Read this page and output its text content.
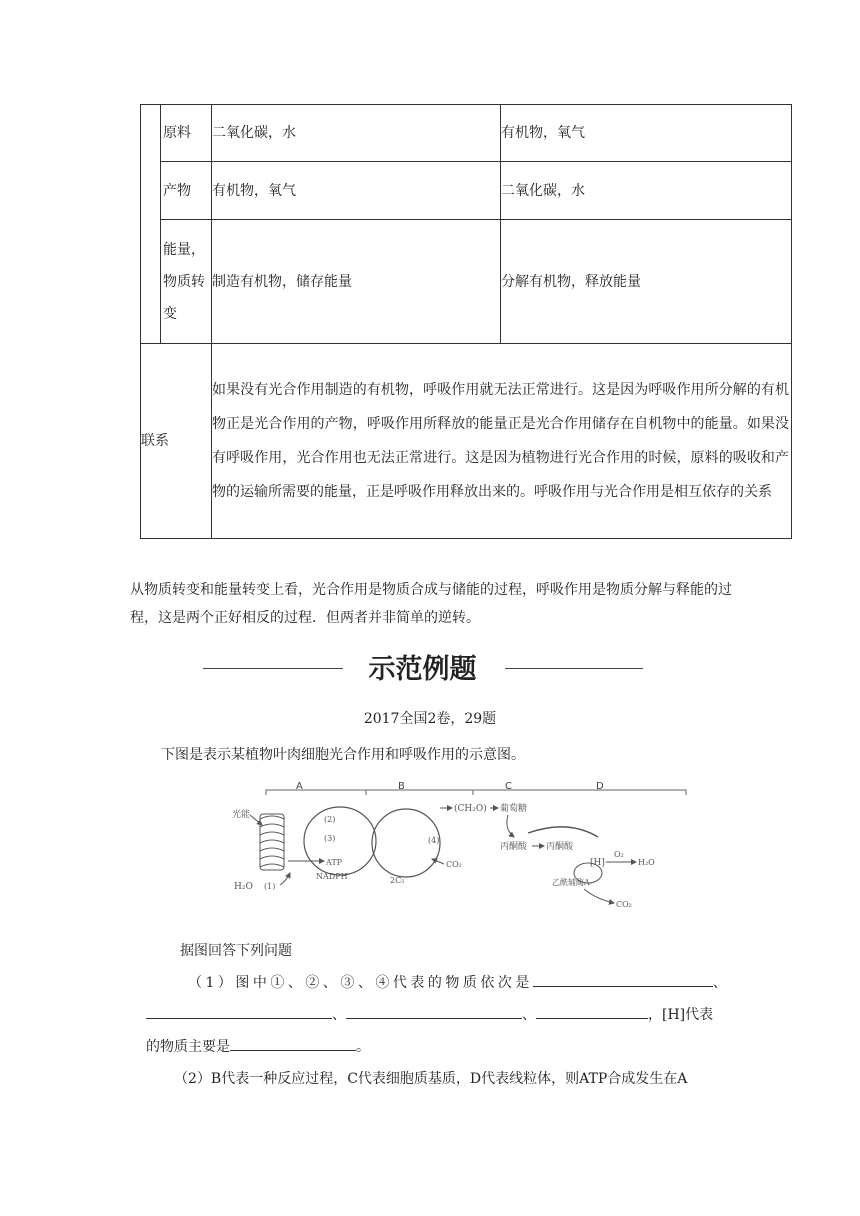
	原料	二氧化碳，水	有机物，氧气
	产物	有机物，氧气	二氧化碳，水

	能量，
物质转
变	制造有机物，储存能量	分解有机物，释放能量
联系		如果没有光合作用制造的有机物，呼吸作用就无法正常进行。这是因为呼吸作用所分解的有机物正是光合作用的产物，呼吸作用所释放的能量正是光合作用储存在自机物中的能量。如果没有呼吸作用，光合作用也无法正常进行。这是因为植物进行光合作用的时候，原料的吸收和产物的运输所需要的能量，正是呼吸作用释放出来的。呼吸作用与光合作用是相互依存的关系	
从物质转变和能量转变上看，光合作用是物质合成与储能的过程，呼吸作用是物质分解与释能的过程，这是两个正好相反的过程．但两者并非简单的逆转。
示范例题
2017全国2卷，29题
下图是表示某植物叶肉细胞光合作用和呼吸作用的示意图。
A	B	C	D
光能
H₂O (1)
(2)
(3)
ATP
NADPH
(4)
CO₂
2C₅
(CH₂O) 葡萄糖
丙酮酸 丙酮酸
[H]
O₂
H₂O
乙酰辅酶A
CO₂
据图回答下列问题
（1）图中①、②、③、④代表的物质依次是	、
、	、	，[H]代表
的物质主要是	。
（2）B代表一种反应过程，C代表细胞质基质，D代表线粒体，则ATP合成发生在A
